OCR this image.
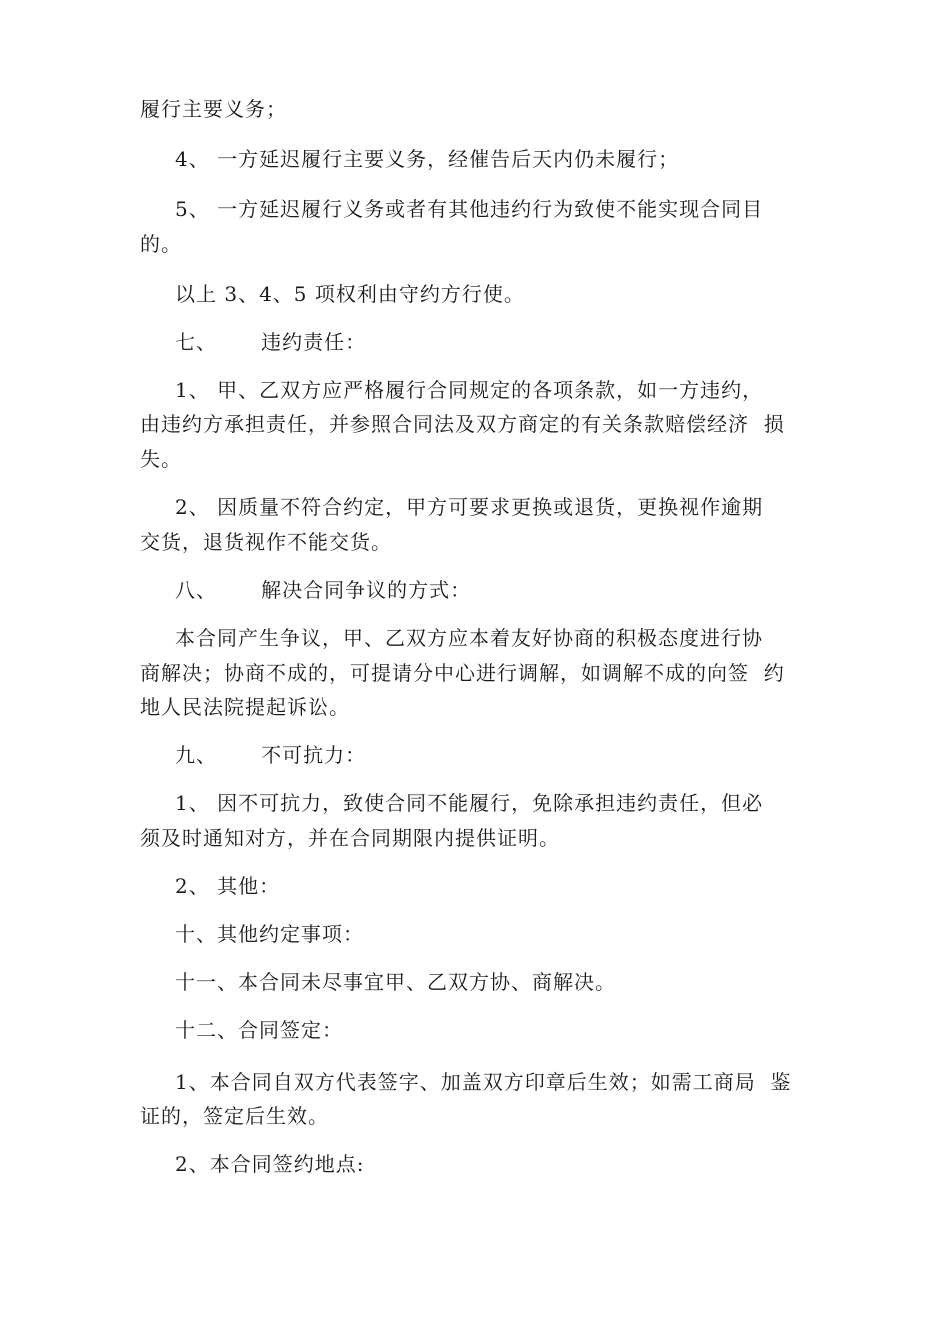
履行主要义务；
4、 一方延迟履行主要义务，经催告后天内仍未履行；
5、 一方延迟履行义务或者有其他违约行为致使不能实现合同目
的。
以上 3、4、5 项权利由守约方行使。
七、      违约责任：
1、 甲、乙双方应严格履行合同规定的各项条款，如一方违约，
由违约方承担责任，并参照合同法及双方商定的有关条款赔偿经济  损
失。
2、 因质量不符合约定，甲方可要求更换或退货，更换视作逾期
交货，退货视作不能交货。
八、      解决合同争议的方式：
本合同产生争议，甲、乙双方应本着友好协商的积极态度进行协
商解决；协商不成的，可提请分中心进行调解，如调解不成的向签  约
地人民法院提起诉讼。
九、      不可抗力：
1、 因不可抗力，致使合同不能履行，免除承担违约责任，但必
须及时通知对方，并在合同期限内提供证明。
2、 其他：
十、其他约定事项：
十一、本合同未尽事宜甲、乙双方协、商解决。
十二、合同签定：
1、本合同自双方代表签字、加盖双方印章后生效；如需工商局  鉴
证的，签定后生效。
2、本合同签约地点:
